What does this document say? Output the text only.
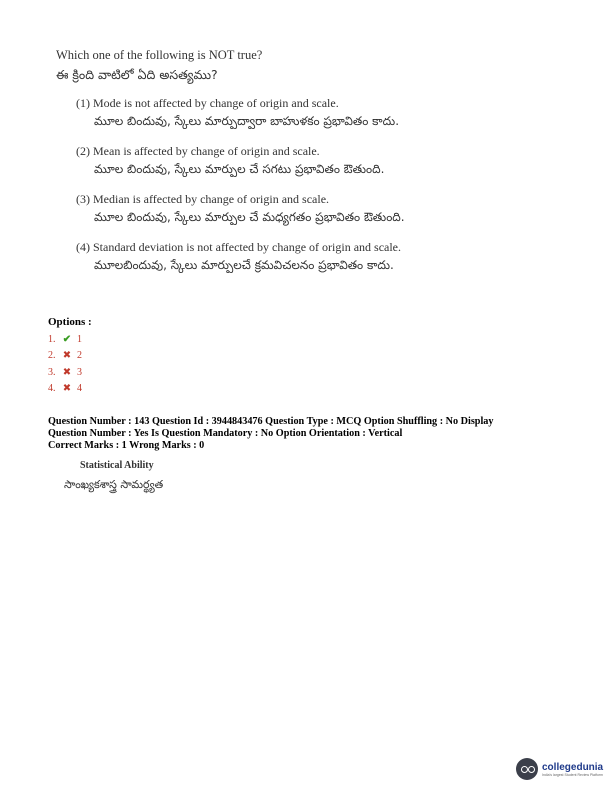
Which one of the following is NOT true?

ఈ క్రింది వాటిలో ఏది అసత్యము?

(1) Mode is not affected by change of origin and scale.

మూల బిందువు, స్కేలు మార్పుద్వారా బాహుళకం ప్రభావితం కాదు.

(2) Mean is affected by change of origin and scale.

మూల బిందువు, స్కేలు మార్పుల చే సగటు ప్రభావితం ఔతుంది.

(3) Median is affected by change of origin and scale.

మూల బిందువు, స్కేలు మార్పుల చే మధ్యగతం ప్రభావితం ఔతుంది.

(4) Standard deviation is not affected by change of origin and scale.

మూలబిందువు, స్కేలు మార్పులచే క్రమవిచలనం ప్రభావితం కాదు.

Options :
1. ✔ 1
2. ✖ 2
3. ✖ 3
4. ✖ 4
Question Number : 143 Question Id : 3944843476 Question Type : MCQ Option Shuffling : No Display
Question Number : Yes Is Question Mandatory : No Option Orientation : Vertical
Correct Marks : 1 Wrong Marks : 0
Statistical Ability
సాంఖ్యకశాస్త్ర సామర్థ్యత
collegedunia
India's largest Student Review Platform
